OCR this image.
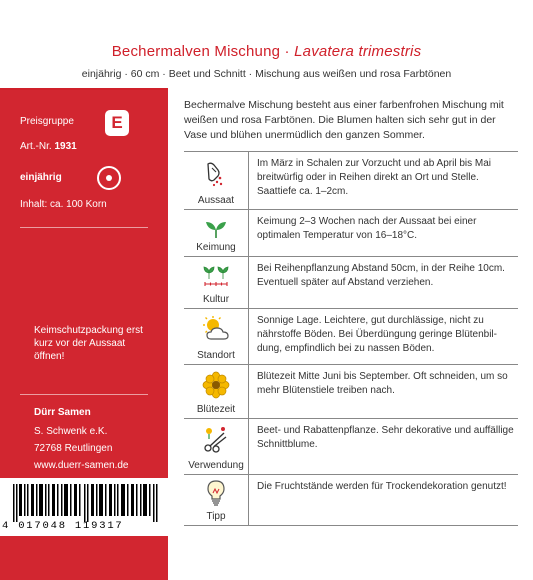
Bechermalven Mischung · Lavatera trimestris
einjährig · 60 cm · Beet und Schnitt · Mischung aus weißen und rosa Farbtönen
Preisgruppe	E
Art.-Nr. 1931
einjährig
Inhalt: ca. 100 Korn
Keimschutzpackung erst kurz vor der Aussaat öffnen!
Dürr Samen
S. Schwenk e.K.
72768 Reutlingen
www.duerr-samen.de
4 017048 119317
Bechermalve Mischung besteht aus einer farbenfrohen Mischung mit weißen und rosa Farbtönen. Die Blumen halten sich sehr gut in der Vase und blühen unermüdlich den ganzen Sommer.
Aussaat
Im März in Schalen zur Vorzucht und ab April bis Mai breitwürfig oder in Reihen direkt an Ort und Stelle. Saattiefe ca. 1–2cm.
Keimung
Keimung 2–3 Wochen nach der Aussaat bei einer optimalen Temperatur von 16–18°C.
Kultur
Bei Reihenpflanzung Abstand 50cm, in der Reihe 10cm. Eventuell später auf Abstand verziehen.
Standort
Sonnige Lage. Leichtere, gut durchlässige, nicht zu nährstoffe Böden. Bei Überdüngung geringe Blütenbildung, empfindlich bei zu nassen Böden.
Blütezeit
Blütezeit Mitte Juni bis September. Oft schneiden, um so mehr Blütenstiele treiben nach.
Verwendung
Beet- und Rabattenpflanze. Sehr dekorative und auffällige Schnittblume.
Tipp
Die Fruchtstände werden für Trockendekoration genutzt!
